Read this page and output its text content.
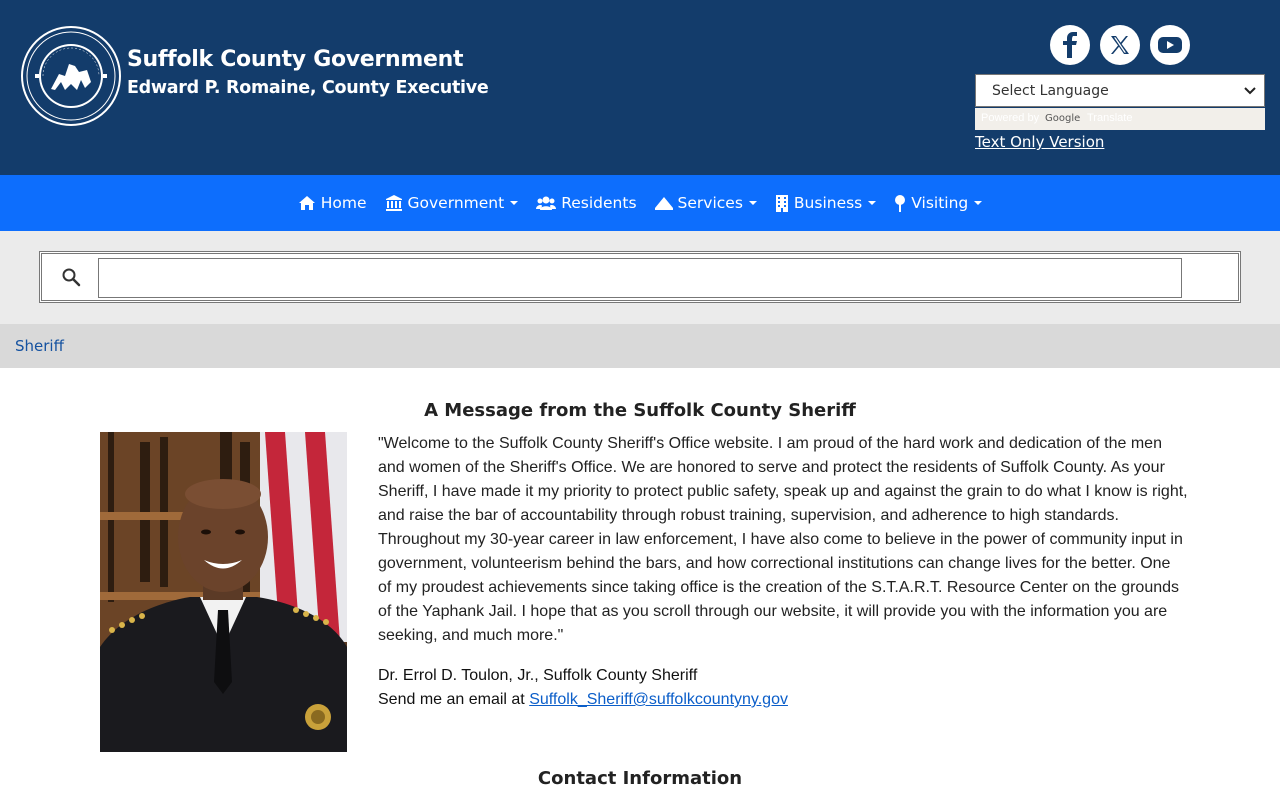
Suffolk County Government
Edward P. Romaine, County Executive	Select Language
Powered by Google Translate
Text Only Version
Home	Government	Residents	Services	Business	Visiting
Sheriff
A Message from the Suffolk County Sheriff
"Welcome to the Suffolk County Sheriff's Office website. I am proud of the hard work and dedication of the men and women of the Sheriff's Office. We are honored to serve and protect the residents of Suffolk County. As your Sheriff, I have made it my priority to protect public safety, speak up and against the grain to do what I know is right, and raise the bar of accountability through robust training, supervision, and adherence to high standards. Throughout my 30-year career in law enforcement, I have also come to believe in the power of community input in government, volunteerism behind the bars, and how correctional institutions can change lives for the better. One of my proudest achievements since taking office is the creation of the S.T.A.R.T. Resource Center on the grounds of the Yaphank Jail. I hope that as you scroll through our website, it will provide you with the information you are seeking, and much more."
Dr. Errol D. Toulon, Jr., Suffolk County Sheriff
Send me an email at Suffolk_Sheriff@suffolkcountyny.gov
Contact Information
